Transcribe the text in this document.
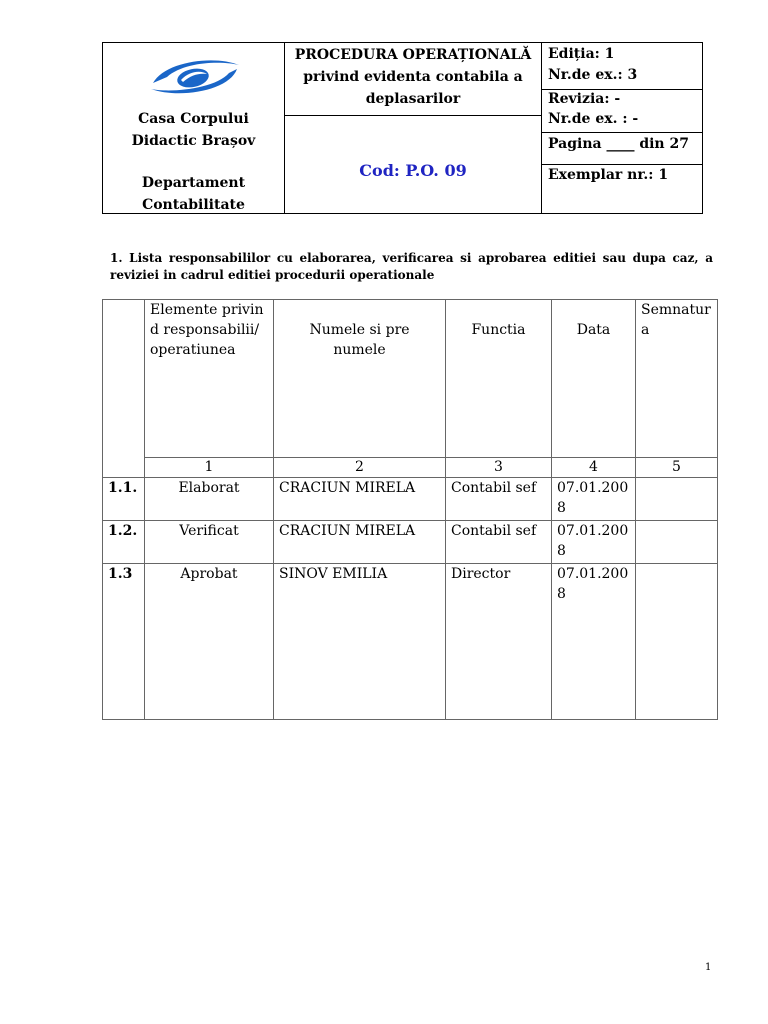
Casa Corpului
Didactic Brașov
Departament
Contabilitate
PROCEDURA OPERAȚIONALĂ
privind evidenta contabila a
deplasarilor
Cod: P.O. 09
Ediția: 1
Nr.de ex.: 3
Revizia: -
Nr.de ex. : -
Pagina ____ din 27
Exemplar nr.: 1
1. Lista responsabililor cu elaborarea, verificarea si aprobarea editiei sau dupa caz, a reviziei in cadrul editiei procedurii operationale
	Elemente privind responsabilii/ operatiunea	Numele si prenumele	Functia	Data	Semnatura
	1	2	3	4	5
1.1.	Elaborat	CRACIUN MIRELA	Contabil sef	07.01.2008	
1.2.	Verificat	CRACIUN MIRELA	Contabil sef	07.01.2008	
1.3	Aprobat	SINOV EMILIA	Director	07.01.2008	
1
